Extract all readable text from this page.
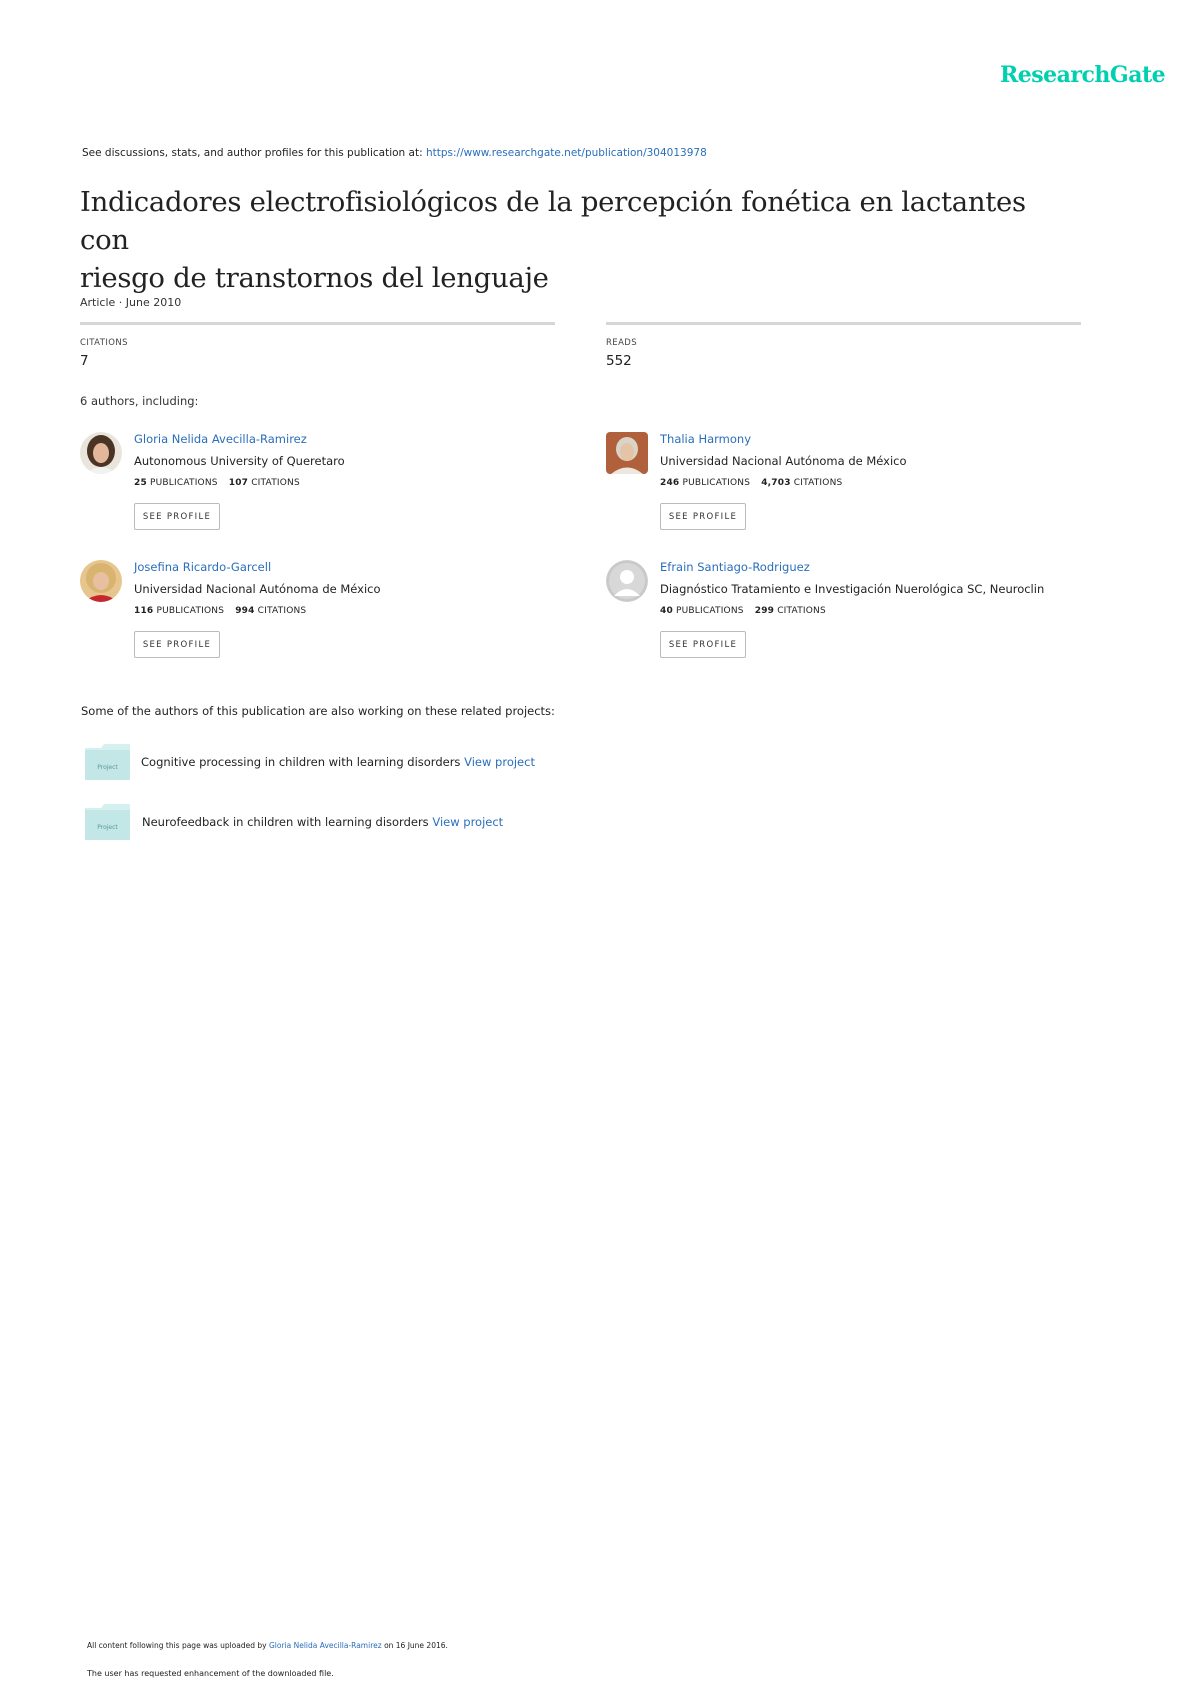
ResearchGate
See discussions, stats, and author profiles for this publication at: https://www.researchgate.net/publication/304013978
Indicadores electrofisiológicos de la percepción fonética en lactantes con
riesgo de transtornos del lenguaje
Article · June 2010
CITATIONS
7
READS
552
6 authors, including:
Gloria Nelida Avecilla-Ramirez
Autonomous University of Queretaro
25 PUBLICATIONS 107 CITATIONS
SEE PROFILE
Thalia Harmony
Universidad Nacional Autónoma de México
246 PUBLICATIONS 4,703 CITATIONS
SEE PROFILE
Josefina Ricardo-Garcell
Universidad Nacional Autónoma de México
116 PUBLICATIONS 994 CITATIONS
SEE PROFILE
Efrain Santiago-Rodriguez
Diagnóstico Tratamiento e Investigación Nuerológica SC, Neuroclin
40 PUBLICATIONS 299 CITATIONS
SEE PROFILE
Some of the authors of this publication are also working on these related projects:
Project Cognitive processing in children with learning disorders View project
Project Neurofeedback in children with learning disorders View project
All content following this page was uploaded by Gloria Nelida Avecilla-Ramirez on 16 June 2016.
The user has requested enhancement of the downloaded file.
